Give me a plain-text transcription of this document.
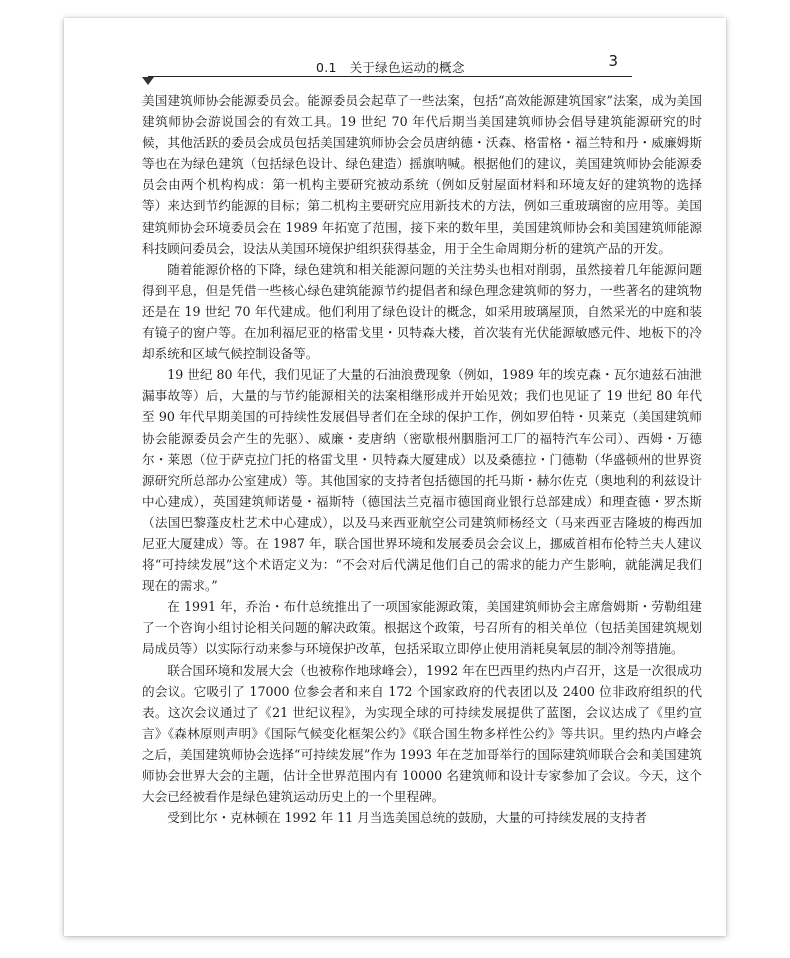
0.1　关于绿色运动的概念	3

美国建筑师协会能源委员会。能源委员会起草了一些法案，包括“高效能源建筑国家”法案，成为美国建筑师协会游说国会的有效工具。19 世纪 70 年代后期当美国建筑师协会倡导建筑能源研究的时候，其他活跃的委员会成员包括美国建筑师协会会员唐纳德・沃森、格雷格・福兰特和丹・威廉姆斯等也在为绿色建筑（包括绿色设计、绿色建造）摇旗呐喊。根据他们的建议，美国建筑师协会能源委员会由两个机构构成：第一机构主要研究被动系统（例如反射屋面材料和环境友好的建筑物的选择等）来达到节约能源的目标；第二机构主要研究应用新技术的方法，例如三重玻璃窗的应用等。美国建筑师协会环境委员会在 1989 年拓宽了范围，接下来的数年里，美国建筑师协会和美国建筑师能源科技顾问委员会，设法从美国环境保护组织获得基金，用于全生命周期分析的建筑产品的开发。

随着能源价格的下降，绿色建筑和相关能源问题的关注势头也相对削弱，虽然接着几年能源问题得到平息，但是凭借一些核心绿色建筑能源节约提倡者和绿色理念建筑师的努力，一些著名的建筑物还是在 19 世纪 70 年代建成。他们利用了绿色设计的概念，如采用玻璃屋顶，自然采光的中庭和装有镜子的窗户等。在加利福尼亚的格雷戈里・贝特森大楼，首次装有光伏能源敏感元件、地板下的冷却系统和区域气候控制设备等。

19 世纪 80 年代，我们见证了大量的石油浪费现象（例如，1989 年的埃克森・瓦尔迪兹石油泄漏事故等）后，大量的与节约能源相关的法案相继形成并开始见效；我们也见证了 19 世纪 80 年代至 90 年代早期美国的可持续性发展倡导者们在全球的保护工作，例如罗伯特・贝莱克（美国建筑师协会能源委员会产生的先驱）、威廉・麦唐纳（密歇根州胭脂河工厂的福特汽车公司）、西姆・万德尔・莱恩（位于萨克拉门托的格雷戈里・贝特森大厦建成）以及桑德拉・门德勒（华盛顿州的世界资源研究所总部办公室建成）等。其他国家的支持者包括德国的托马斯・赫尔佐克（奥地利的利兹设计中心建成），英国建筑师诺曼・福斯特（德国法兰克福市德国商业银行总部建成）和理查德・罗杰斯（法国巴黎蓬皮杜艺术中心建成），以及马来西亚航空公司建筑师杨经文（马来西亚吉隆坡的梅西加尼亚大厦建成）等。在 1987 年，联合国世界环境和发展委员会会议上，挪威首相布伦特兰夫人建议将“可持续发展”这个术语定义为：“不会对后代满足他们自己的需求的能力产生影响，就能满足我们现在的需求。”

在 1991 年，乔治・布什总统推出了一项国家能源政策，美国建筑师协会主席詹姆斯・劳勒组建了一个咨询小组讨论相关问题的解决政策。根据这个政策，号召所有的相关单位（包括美国建筑规划局成员等）以实际行动来参与环境保护改革，包括采取立即停止使用消耗臭氧层的制冷剂等措施。

联合国环境和发展大会（也被称作地球峰会），1992 年在巴西里约热内卢召开，这是一次很成功的会议。它吸引了 17000 位参会者和来自 172 个国家政府的代表团以及 2400 位非政府组织的代表。这次会议通过了《21 世纪议程》，为实现全球的可持续发展提供了蓝图，会议达成了《里约宣言》《森林原则声明》《国际气候变化框架公约》《联合国生物多样性公约》等共识。里约热内卢峰会之后，美国建筑师协会选择“可持续发展”作为 1993 年在芝加哥举行的国际建筑师联合会和美国建筑师协会世界大会的主题，估计全世界范围内有 10000 名建筑师和设计专家参加了会议。今天，这个大会已经被看作是绿色建筑运动历史上的一个里程碑。

受到比尔・克林顿在 1992 年 11 月当选美国总统的鼓励，大量的可持续发展的支持者
